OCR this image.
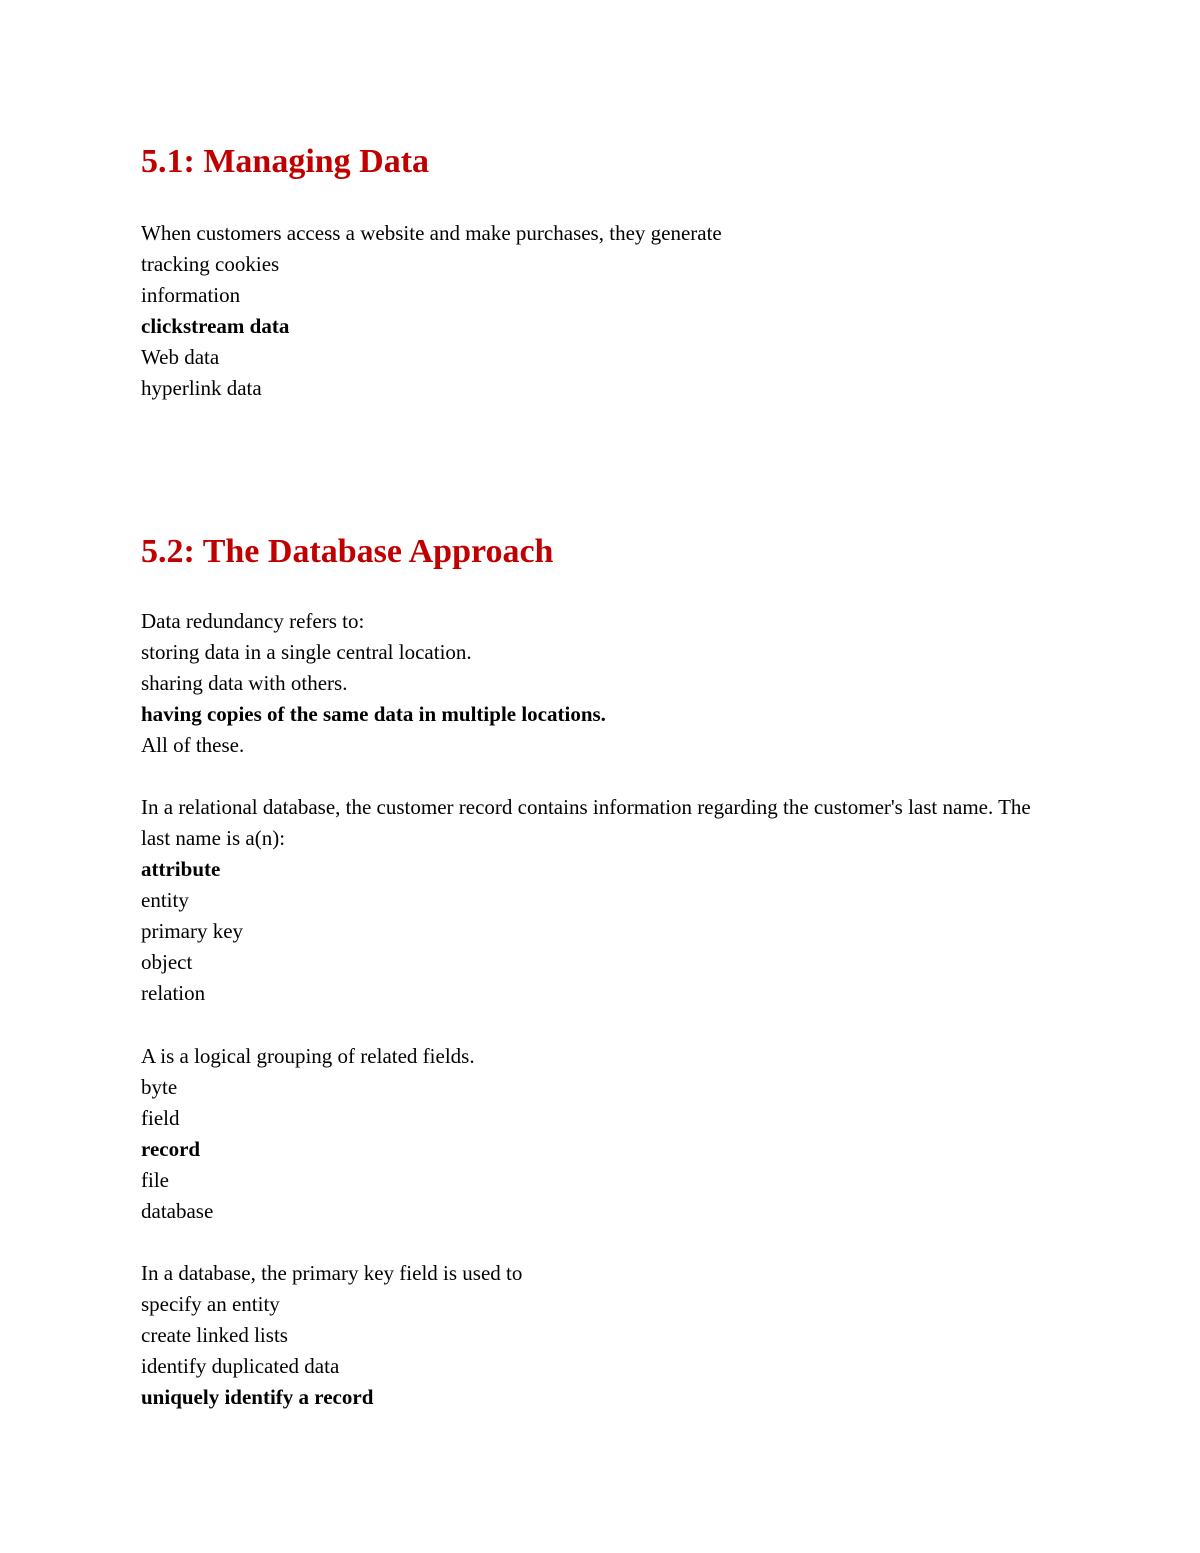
5.1: Managing Data
When customers access a website and make purchases, they generate
tracking cookies
information
clickstream data
Web data
hyperlink data
5.2: The Database Approach
Data redundancy refers to:
storing data in a single central location.
sharing data with others.
having copies of the same data in multiple locations.
All of these.
In a relational database, the customer record contains information regarding the customer's last name. The last name is a(n):
attribute
entity
primary key
object
relation
A is a logical grouping of related fields.
byte
field
record
file
database
In a database, the primary key field is used to
specify an entity
create linked lists
identify duplicated data
uniquely identify a record
